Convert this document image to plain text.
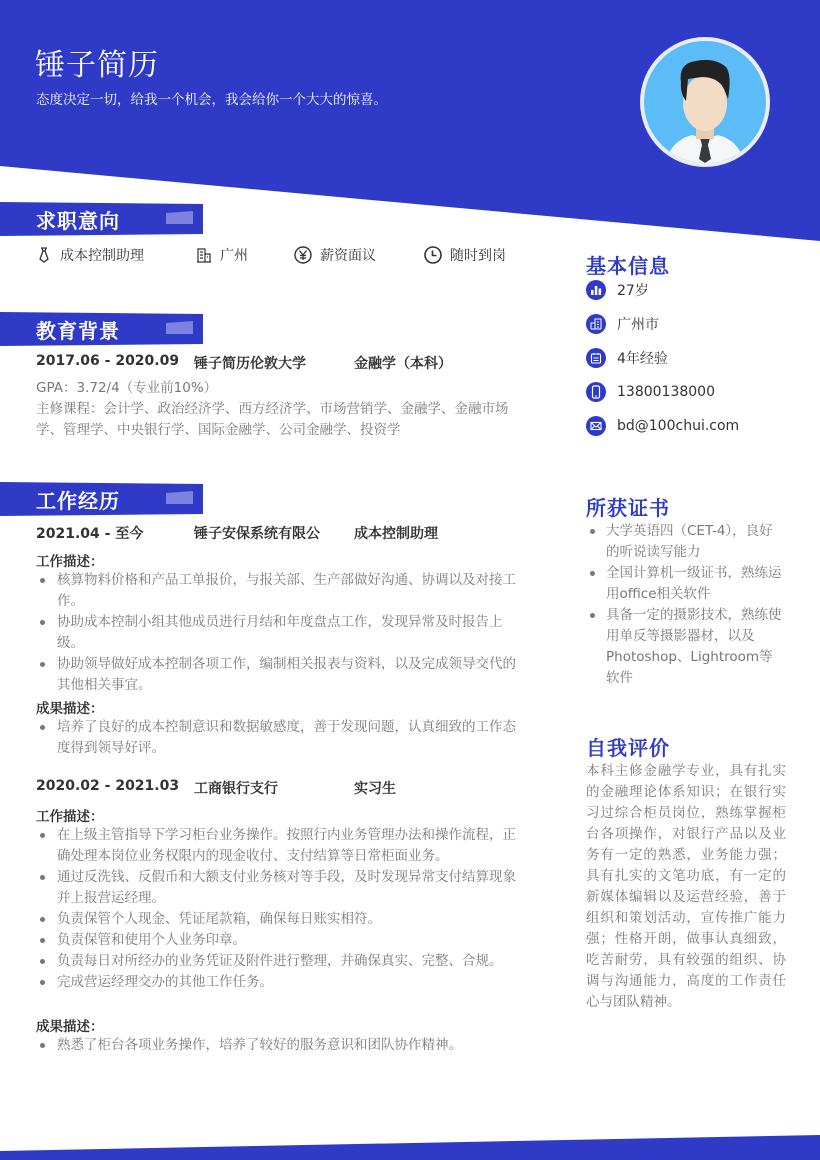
锤子简历
态度决定一切，给我一个机会，我会给你一个大大的惊喜。
求职意向
成本控制助理	广州	薪资面议	随时到岗
教育背景
2017.06 - 2020.09 锤子简历伦敦大学	金融学（本科）
GPA：3.72/4（专业前10%）
主修课程：会计学、政治经济学、西方经济学、市场营销学、金融学、金融市场学、管理学、中央银行学、国际金融学、公司金融学、投资学
工作经历
2021.04 - 至今	锤子安保系统有限公 成本控制助理
工作描述：
核算物料价格和产品工单报价，与报关部、生产部做好沟通、协调以及对接工作。
协助成本控制小组其他成员进行月结和年度盘点工作，发现异常及时报告上级。
协助领导做好成本控制各项工作，编制相关报表与资料，以及完成领导交代的其他相关事宜。
成果描述：
培养了良好的成本控制意识和数据敏感度，善于发现问题，认真细致的工作态度得到领导好评。
2020.02 - 2021.03 工商银行支行	实习生
工作描述：
在上级主管指导下学习柜台业务操作。按照行内业务管理办法和操作流程，正确处理本岗位业务权限内的现金收付、支付结算等日常柜面业务。
通过反洗钱、反假币和大额支付业务核对等手段，及时发现异常支付结算现象并上报营运经理。
负责保管个人现金、凭证尾款箱，确保每日账实相符。
负责保管和使用个人业务印章。
负责每日对所经办的业务凭证及附件进行整理，并确保真实、完整、合规。
完成营运经理交办的其他工作任务。
成果描述：
熟悉了柜台各项业务操作，培养了较好的服务意识和团队协作精神。
基本信息
27岁
广州市
4年经验
13800138000
bd@100chui.com
所获证书
大学英语四（CET-4），良好的听说读写能力
全国计算机一级证书，熟练运用office相关软件
具备一定的摄影技术，熟练使用单反等摄影器材，以及Photoshop、Lightroom等软件
自我评价
本科主修金融学专业，具有扎实的金融理论体系知识；在银行实习过综合柜员岗位，熟练掌握柜台各项操作，对银行产品以及业务有一定的熟悉，业务能力强；具有扎实的文笔功底，有一定的新媒体编辑以及运营经验，善于组织和策划活动，宣传推广能力强；性格开朗，做事认真细致，吃苦耐劳，具有较强的组织、协调与沟通能力，高度的工作责任心与团队精神。
